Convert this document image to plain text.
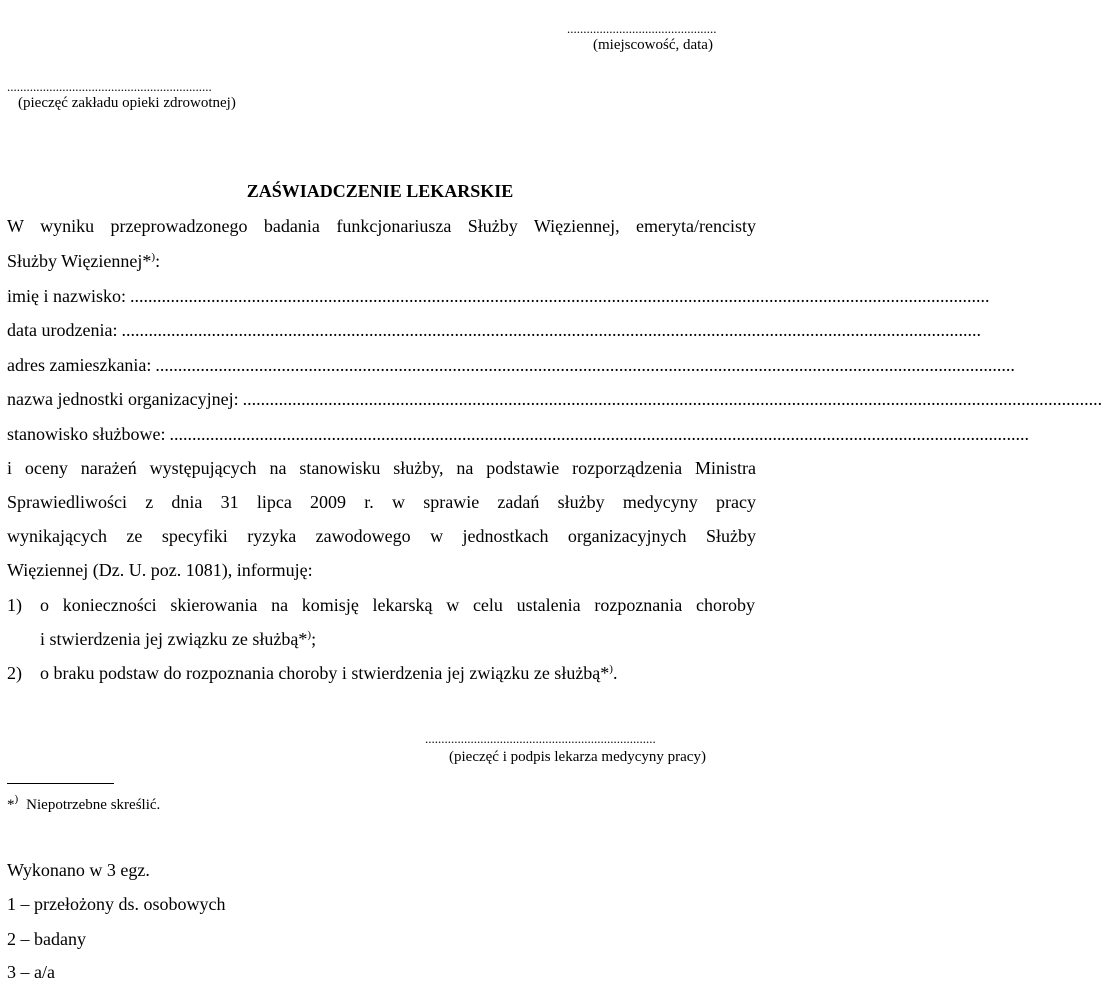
..............................................
(miejscowość, data)
...............................................................
(pieczęć zakładu opieki zdrowotnej)
ZAŚWIADCZENIE LEKARSKIE
W wyniku przeprowadzonego badania funkcjonariusza Służby Więziennej, emeryta/rencisty
Służby Więziennej*):
imię i nazwisko: ...............................................................................................................................................................................................
data urodzenia: ...............................................................................................................................................................................................
adres zamieszkania: ...............................................................................................................................................................................................
nazwa jednostki organizacyjnej: ...............................................................................................................................................................................................
stanowisko służbowe: ...............................................................................................................................................................................................
i oceny narażeń występujących na stanowisku służby, na podstawie rozporządzenia Ministra
Sprawiedliwości z dnia 31 lipca 2009 r. w sprawie zadań służby medycyny pracy
wynikających ze specyfiki ryzyka zawodowego w jednostkach organizacyjnych Służby
Więziennej (Dz. U. poz. 1081), informuję:
1) o konieczności skierowania na komisję lekarską w celu ustalenia rozpoznania choroby
i stwierdzenia jej związku ze służbą*);
2) o braku podstaw do rozpoznania choroby i stwierdzenia jej związku ze służbą*).
.......................................................................
(pieczęć i podpis lekarza medycyny pracy)
*) Niepotrzebne skreślić.
Wykonano w 3 egz.
1 – przełożony ds. osobowych
2 – badany
3 – a/a
